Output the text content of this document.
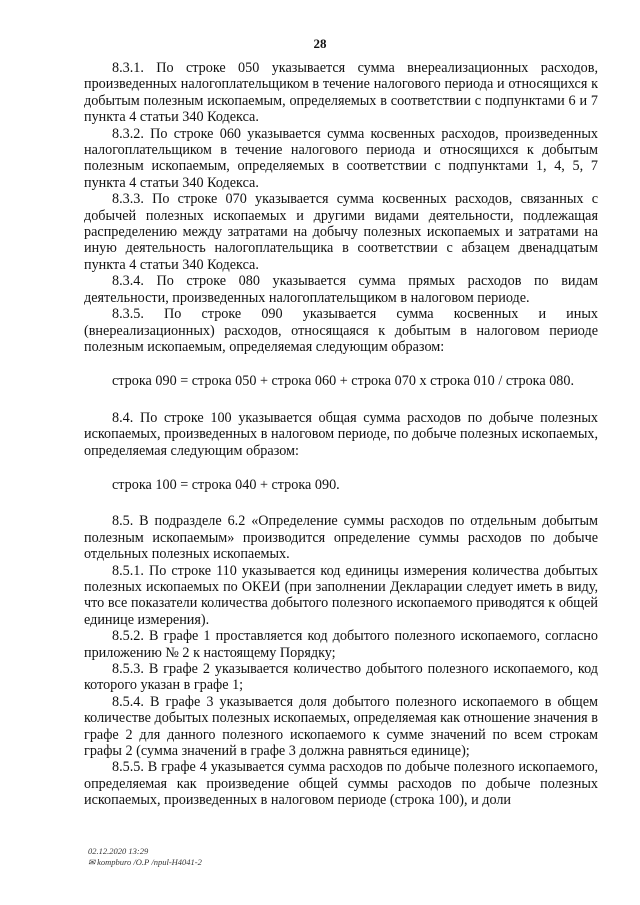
28

8.3.1. По строке 050 указывается сумма внереализационных расходов, произведенных налогоплательщиком в течение налогового периода и относящихся к добытым полезным ископаемым, определяемых в соответствии с подпунктами 6 и 7 пункта 4 статьи 340 Кодекса.

8.3.2. По строке 060 указывается сумма косвенных расходов, произведенных налогоплательщиком в течение налогового периода и относящихся к добытым полезным ископаемым, определяемых в соответствии с подпунктами 1, 4, 5, 7 пункта 4 статьи 340 Кодекса.

8.3.3. По строке 070 указывается сумма косвенных расходов, связанных с добычей полезных ископаемых и другими видами деятельности, подлежащая распределению между затратами на добычу полезных ископаемых и затратами на иную деятельность налогоплательщика в соответствии с абзацем двенадцатым пункта 4 статьи 340 Кодекса.

8.3.4. По строке 080 указывается сумма прямых расходов по видам деятельности, произведенных налогоплательщиком в налоговом периоде.

8.3.5. По строке 090 указывается сумма косвенных и иных (внереализационных) расходов, относящаяся к добытым в налоговом периоде полезным ископаемым, определяемая следующим образом:

строка 090 = строка 050 + строка 060 + строка 070 х строка 010 / строка 080.

8.4. По строке 100 указывается общая сумма расходов по добыче полезных ископаемых, произведенных в налоговом периоде, по добыче полезных ископаемых, определяемая следующим образом:

строка 100 = строка 040 + строка 090.

8.5. В подразделе 6.2 «Определение суммы расходов по отдельным добытым полезным ископаемым» производится определение суммы расходов по добыче отдельных полезных ископаемых.

8.5.1. По строке 110 указывается код единицы измерения количества добытых полезных ископаемых по ОКЕИ (при заполнении Декларации следует иметь в виду, что все показатели количества добытого полезного ископаемого приводятся к общей единице измерения).

8.5.2. В графе 1 проставляется код добытого полезного ископаемого, согласно приложению № 2 к настоящему Порядку;

8.5.3. В графе 2 указывается количество добытого полезного ископаемого, код которого указан в графе 1;

8.5.4. В графе 3 указывается доля добытого полезного ископаемого в общем количестве добытых полезных ископаемых, определяемая как отношение значения в графе 2 для данного полезного ископаемого к сумме значений по всем строкам графы 2 (сумма значений в графе 3 должна равняться единице);

8.5.5. В графе 4 указывается сумма расходов по добыче полезного ископаемого, определяемая как произведение общей суммы расходов по добыче полезных ископаемых, произведенных в налоговом периоде (строка 100), и доли

02.12.2020 13:29
✉ kompburo /О.Р /приl-Н4041-2
